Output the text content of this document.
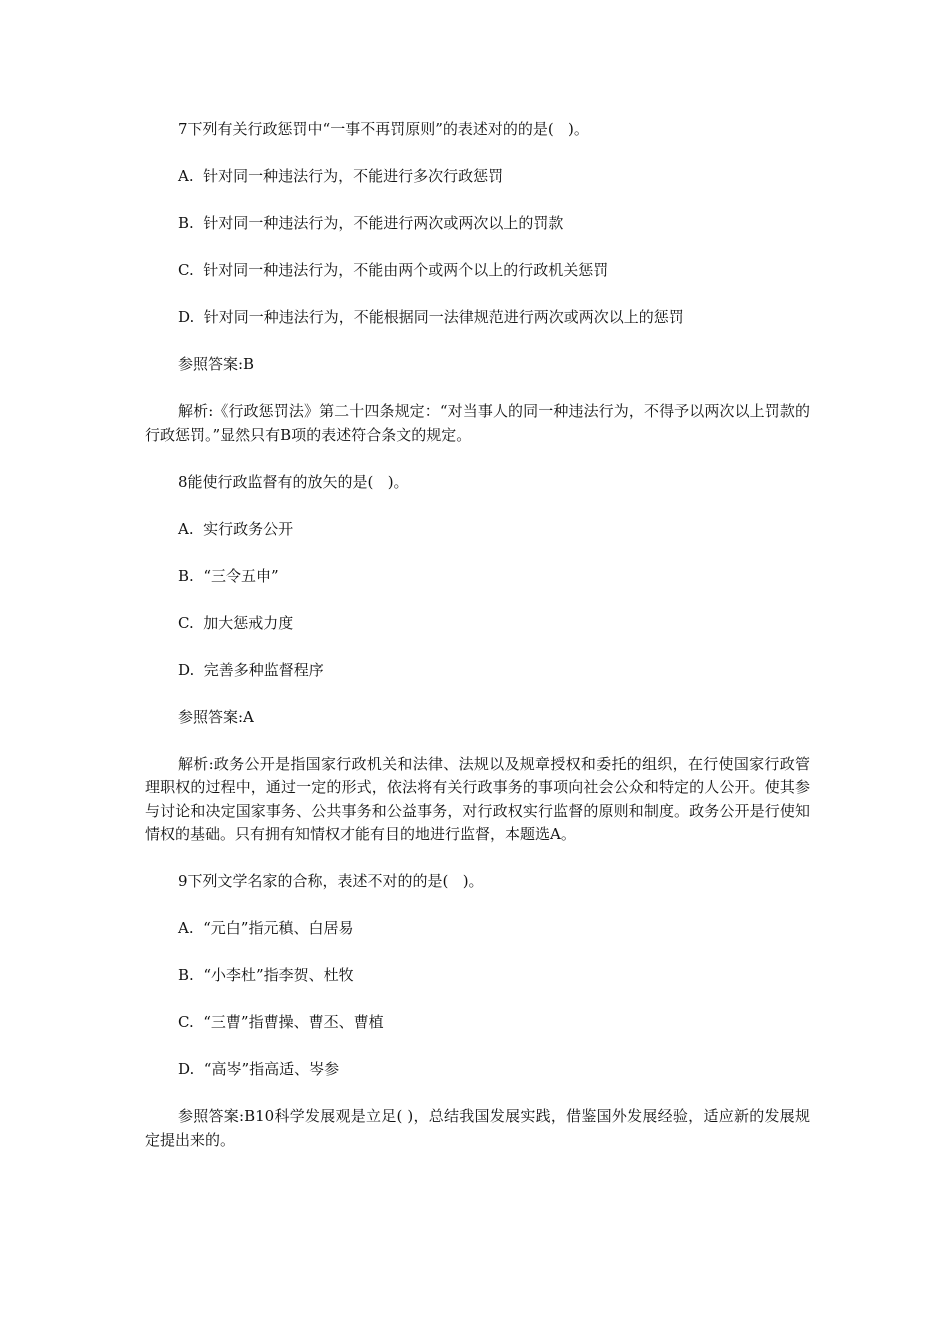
7下列有关行政惩罚中“一事不再罚原则”的表述对的的是(   )。

A.  针对同一种违法行为，不能进行多次行政惩罚

B.  针对同一种违法行为，不能进行两次或两次以上的罚款

C.  针对同一种违法行为，不能由两个或两个以上的行政机关惩罚

D.  针对同一种违法行为，不能根据同一法律规范进行两次或两次以上的惩罚

参照答案:B

解析:《行政惩罚法》第二十四条规定：“对当事人的同一种违法行为，不得予以两次以上罚款的行政惩罚。”显然只有B项的表述符合条文的规定。

8能使行政监督有的放矢的是(   )。

A.  实行政务公开

B.  “三令五申”

C.  加大惩戒力度

D.  完善多种监督程序

参照答案:A

解析:政务公开是指国家行政机关和法律、法规以及规章授权和委托的组织，在行使国家行政管理职权的过程中，通过一定的形式，依法将有关行政事务的事项向社会公众和特定的人公开。使其参与讨论和决定国家事务、公共事务和公益事务，对行政权实行监督的原则和制度。政务公开是行使知情权的基础。只有拥有知情权才能有目的地进行监督，本题选A。

9下列文学名家的合称，表述不对的的是(   )。

A.  “元白”指元稹、白居易

B.  “小李杜”指李贺、杜牧

C.  “三曹”指曹操、曹丕、曹植

D.  “高岑”指高适、岑参

参照答案:B10科学发展观是立足( )，总结我国发展实践，借鉴国外发展经验，适应新的发展规定提出来的。
